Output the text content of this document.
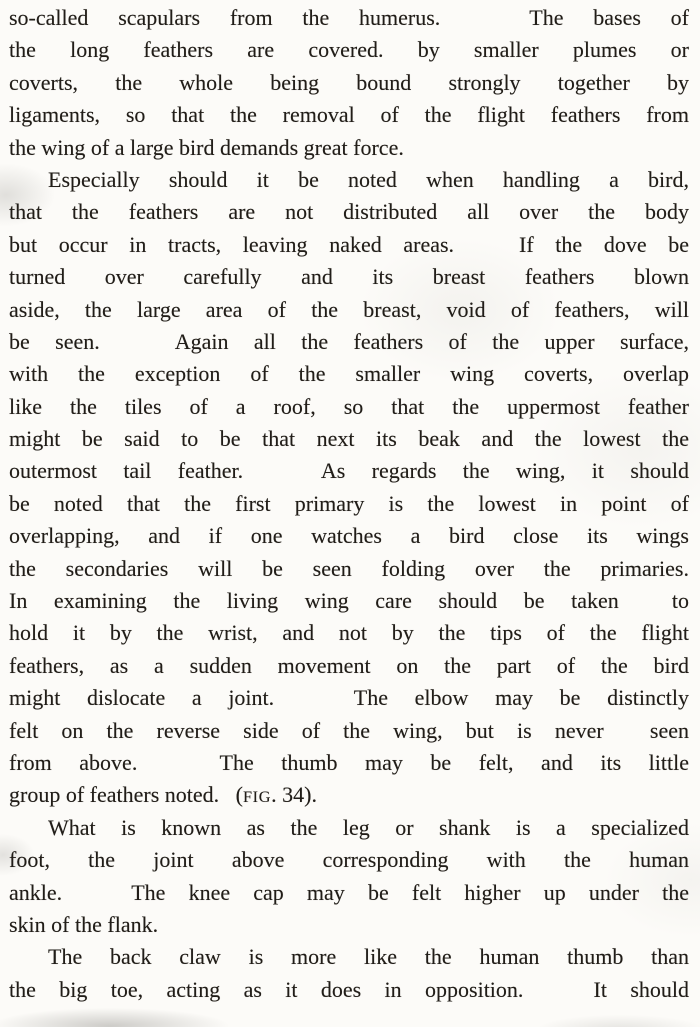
so-called scapulars from the humerus.   The bases of
the long feathers are covered. by smaller plumes or
coverts, the whole being bound strongly together by
ligaments, so that the removal of the flight feathers from
the wing of a large bird demands great force.
Especially should it be noted when handling a bird,
that the feathers are not distributed all over the body
but occur in tracts, leaving naked areas.   If the dove be
turned over carefully and its breast feathers blown
aside, the large area of the breast, void of feathers, will
be seen.   Again all the feathers of the upper surface,
with the exception of the smaller wing coverts, overlap
like the tiles of a roof, so that the uppermost feather
might be said to be that next its beak and the lowest the
outermost tail feather.   As regards the wing, it should
be noted that the first primary is the lowest in point of
overlapping, and if one watches a bird close its wings
the secondaries will be seen folding over the primaries.
In examining the living wing care should be taken  to
hold it by the wrist, and not by the tips of the flight
feathers, as a sudden movement on the part of the bird
might dislocate a joint.   The elbow may be distinctly
felt on the reverse side of the wing, but is never  seen
from above.   The thumb may be felt, and its little
group of feathers noted.   (FIG. 34).
What is known as the leg or shank is a specialized
foot, the joint above corresponding with the human
ankle.   The knee cap may be felt higher up under the
skin of the flank.
The back claw is more like the human thumb than
the big toe, acting as it does in opposition.   It should
